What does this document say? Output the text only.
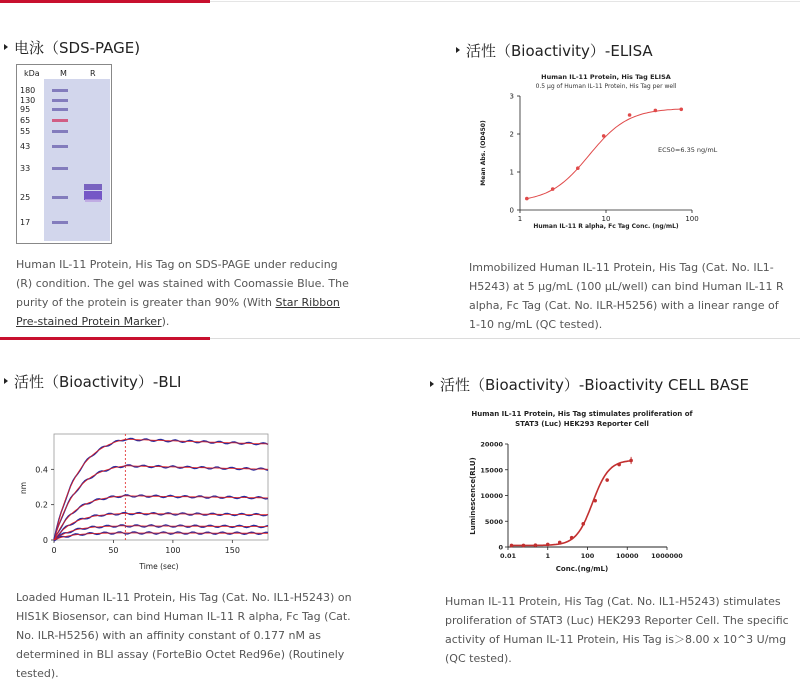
电泳（SDS-PAGE)
kDa	M	R
180
130
95
65
55
43
33
25
17
Human IL-11 Protein, His Tag on SDS-PAGE under reducing (R) condition. The gel was stained with Coomassie Blue. The purity of the protein is greater than 90% (With Star Ribbon Pre-stained Protein Marker).
活性（Bioactivity）-ELISA
Human IL-11 Protein, His Tag ELISA
0.5 μg of Human IL-11 Protein, His Tag per well
0
1
2
3
1	10	100
Human IL-11 R alpha, Fc Tag Conc. (ng/mL)
Mean Abs. (OD450)	EC50=6.35 ng/mL
Immobilized Human IL-11 Protein, His Tag (Cat. No. IL1-H5243) at 5 μg/mL (100 μL/well) can bind Human IL-11 R alpha, Fc Tag (Cat. No. ILR-H5256) with a linear range of 1-10 ng/mL (QC tested).
活性（Bioactivity）-BLI
0
0.2
0.4
0	50	100	150
Time (sec)
nm
Loaded Human IL-11 Protein, His Tag (Cat. No. IL1-H5243) on HIS1K Biosensor, can bind Human IL-11 R alpha, Fc Tag (Cat. No. ILR-H5256) with an affinity constant of 0.177 nM as determined in BLI assay (ForteBio Octet Red96e) (Routinely tested).
活性（Bioactivity）-Bioactivity CELL BASE
Human IL-11 Protein, His Tag stimulates proliferation of
STAT3 (Luc) HEK293 Reporter Cell
0
5000
10000
15000
20000
0.01	1	100	10000 1000000
Conc.(ng/mL)
Luminescence(RLU)
Human IL-11 Protein, His Tag (Cat. No. IL1-H5243) stimulates proliferation of STAT3 (Luc) HEK293 Reporter Cell. The specific activity of Human IL-11 Protein, His Tag is＞8.00 x 10^3 U/mg (QC tested).
